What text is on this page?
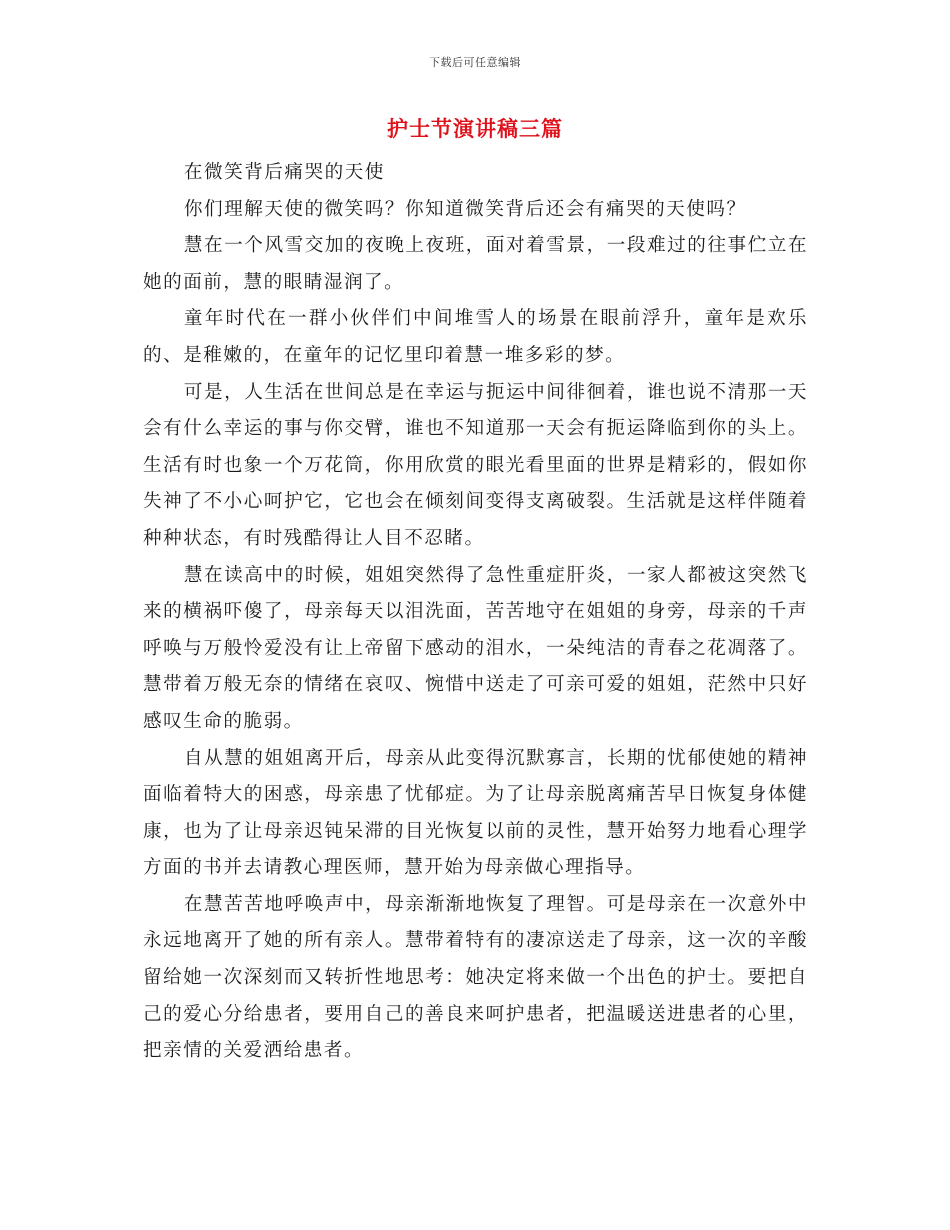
下载后可任意编辑
护士节演讲稿三篇

在微笑背后痛哭的天使

你们理解天使的微笑吗？你知道微笑背后还会有痛哭的天使吗？

慧在一个风雪交加的夜晚上夜班，面对着雪景，一段难过的往事伫立在她的面前，慧的眼睛湿润了。

童年时代在一群小伙伴们中间堆雪人的场景在眼前浮升，童年是欢乐的、是稚嫩的，在童年的记忆里印着慧一堆多彩的梦。

可是，人生活在世间总是在幸运与扼运中间徘徊着，谁也说不清那一天会有什么幸运的事与你交臂，谁也不知道那一天会有扼运降临到你的头上。生活有时也象一个万花筒，你用欣赏的眼光看里面的世界是精彩的，假如你失神了不小心呵护它，它也会在倾刻间变得支离破裂。生活就是这样伴随着种种状态，有时残酷得让人目不忍睹。

慧在读高中的时候，姐姐突然得了急性重症肝炎，一家人都被这突然飞来的横祸吓傻了，母亲每天以泪洗面，苦苦地守在姐姐的身旁，母亲的千声呼唤与万般怜爱没有让上帝留下感动的泪水，一朵纯洁的青春之花凋落了。慧带着万般无奈的情绪在哀叹、惋惜中送走了可亲可爱的姐姐，茫然中只好感叹生命的脆弱。

自从慧的姐姐离开后，母亲从此变得沉默寡言，长期的忧郁使她的精神面临着特大的困惑，母亲患了忧郁症。为了让母亲脱离痛苦早日恢复身体健康，也为了让母亲迟钝呆滞的目光恢复以前的灵性，慧开始努力地看心理学方面的书并去请教心理医师，慧开始为母亲做心理指导。

在慧苦苦地呼唤声中，母亲渐渐地恢复了理智。可是母亲在一次意外中永远地离开了她的所有亲人。慧带着特有的凄凉送走了母亲，这一次的辛酸留给她一次深刻而又转折性地思考：她决定将来做一个出色的护士。要把自己的爱心分给患者，要用自己的善良来呵护患者，把温暖送进患者的心里，把亲情的关爱洒给患者。
